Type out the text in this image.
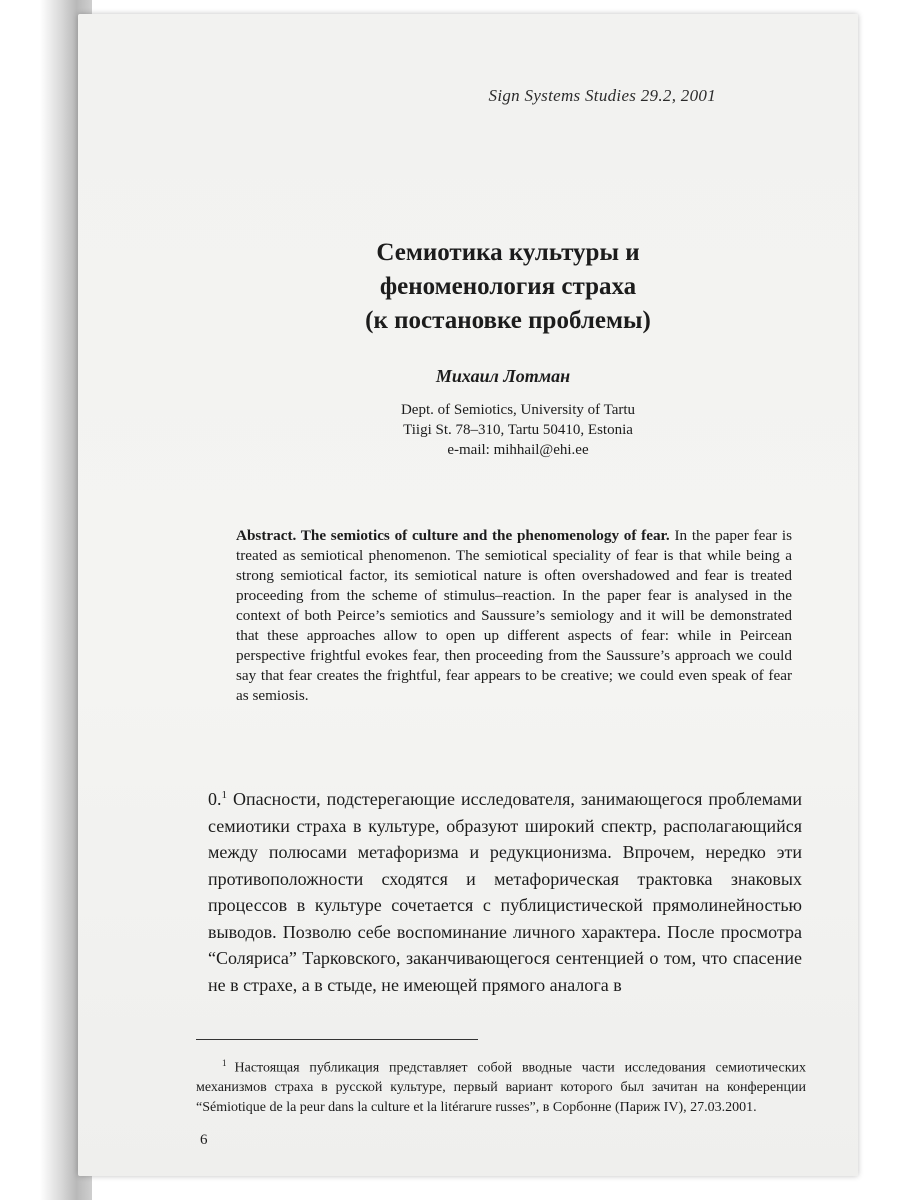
Sign Systems Studies 29.2, 2001
Семиотика культуры и
феноменология страха
(к постановке проблемы)
Михаил Лотман
Dept. of Semiotics, University of Tartu
Tiigi St. 78–310, Tartu 50410, Estonia
e-mail: mihhail@ehi.ee
Abstract. The semiotics of culture and the phenomenology of fear. In the paper fear is treated as semiotical phenomenon. The semiotical speciality of fear is that while being a strong semiotical factor, its semiotical nature is often overshadowed and fear is treated proceeding from the scheme of stimulus–reaction. In the paper fear is analysed in the context of both Peirce’s semiotics and Saussure’s semiology and it will be demonstrated that these approaches allow to open up different aspects of fear: while in Peircean perspective frightful evokes fear, then proceeding from the Saussure’s approach we could say that fear creates the frightful, fear appears to be creative; we could even speak of fear as semiosis.
0.$^1$ Опасности, подстерегающие исследователя, занимающегося проблемами семиотики страха в культуре, образуют широкий спектр, располагающийся между полюсами метафоризма и редукционизма. Впрочем, нередко эти противоположности сходятся и метафорическая трактовка знаковых процессов в культуре сочетается с публицистической прямолинейностью выводов. Позволю себе воспоминание личного характера. После просмотра “Соляриса” Тарковского, заканчивающегося сентенцией о том, что спасение не в страхе, а в стыде, не имеющей прямого аналога в
$^1$ Настоящая публикация представляет собой вводные части исследования семиотических механизмов страха в русской культуре, первый вариант которого был зачитан на конференции “Sémiotique de la peur dans la culture et la litérarure russes”, в Сорбонне (Париж IV), 27.03.2001.
6
